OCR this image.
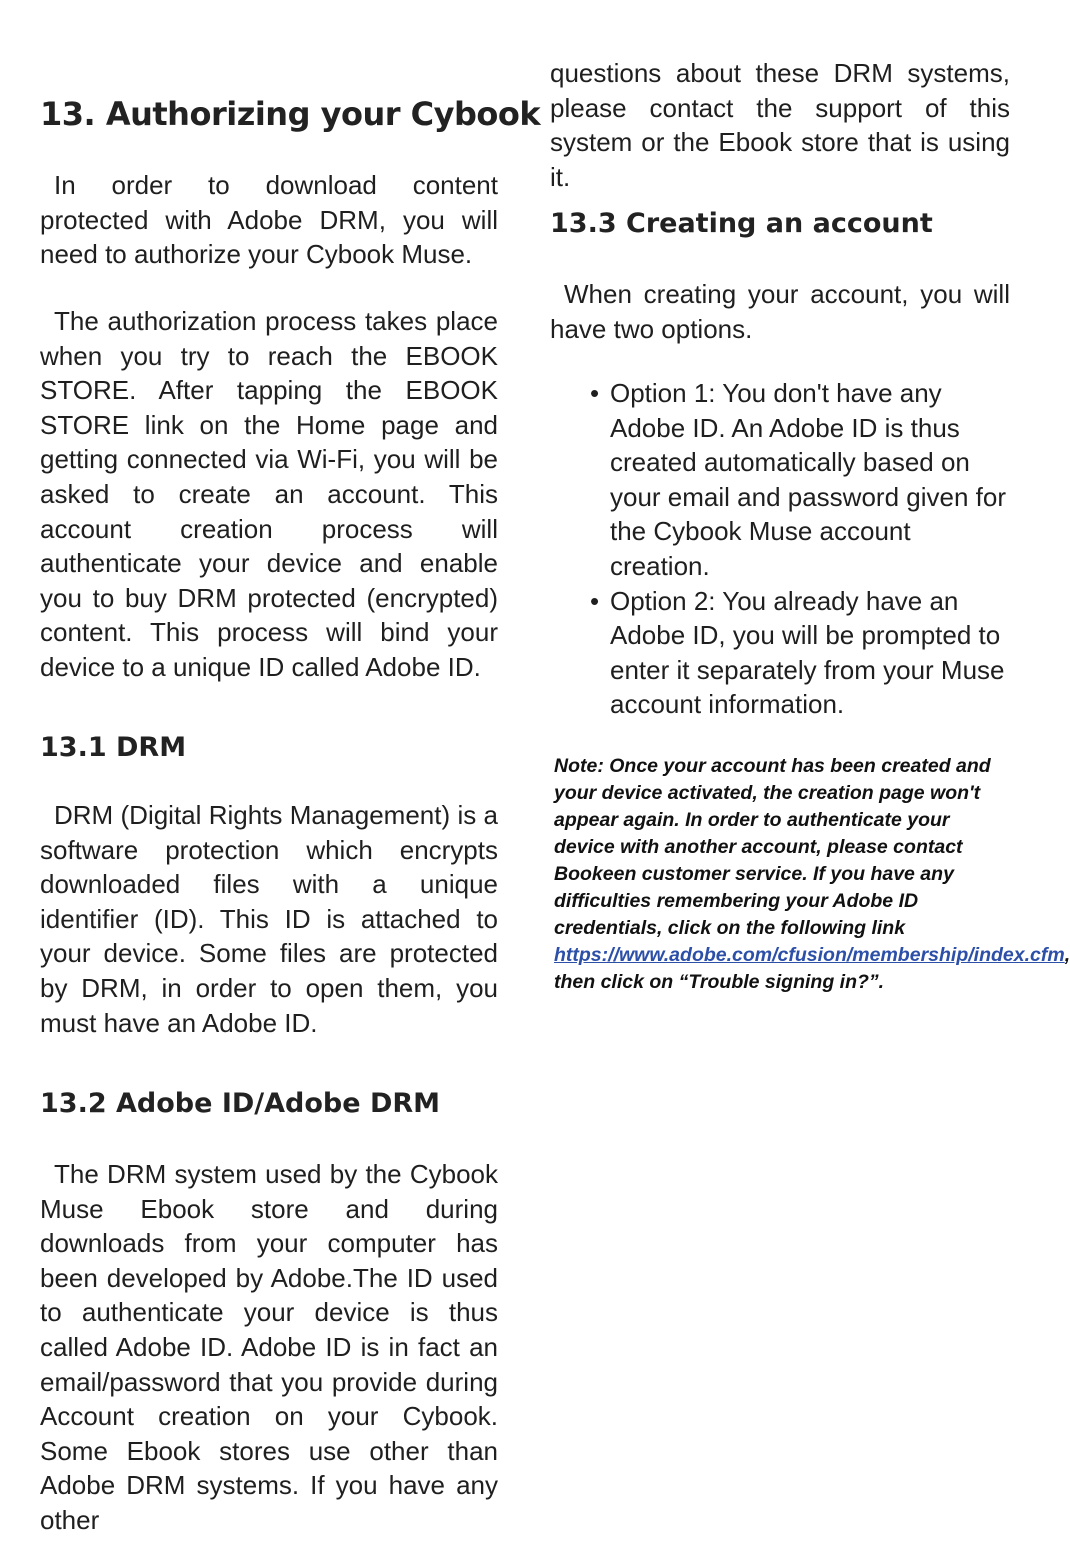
13. Authorizing your Cybook

In order to download content protected with Adobe DRM, you will need to authorize your Cybook Muse.

The authorization process takes place when you try to reach the EBOOK STORE. After tapping the EBOOK STORE link on the Home page and getting connected via Wi-Fi, you will be asked to create an account. This account creation process will authenticate your device and enable you to buy DRM protected (encrypted) content. This process will bind your device to a unique ID called Adobe ID.

13.1 DRM

DRM (Digital Rights Management) is a software protection which encrypts downloaded files with a unique identifier (ID). This ID is attached to your device. Some files are protected by DRM, in order to open them, you must have an Adobe ID.

13.2 Adobe ID/Adobe DRM

The DRM system used by the Cybook Muse Ebook store and during downloads from your computer has been developed by Adobe.The ID used to authenticate your device is thus called Adobe ID. Adobe ID is in fact an email/password that you provide during Account creation on your Cybook. Some Ebook stores use other than Adobe DRM systems. If you have any other

questions about these DRM systems, please contact the support of this system or the Ebook store that is using it.

13.3 Creating an account

When creating your account, you will have two options.

• Option 1: You don't have any Adobe ID. An Adobe ID is thus created automatically based on your email and password given for the Cybook Muse account creation.
• Option 2: You already have an Adobe ID, you will be prompted to enter it separately from your Muse account information.
Note: Once your account has been created and your device activated, the creation page won't appear again. In order to authenticate your device with another account, please contact Bookeen customer service. If you have any difficulties remembering your Adobe ID credentials, click on the following link https://www.adobe.com/cfusion/membership/index.cfm, then click on “Trouble signing in?”.
